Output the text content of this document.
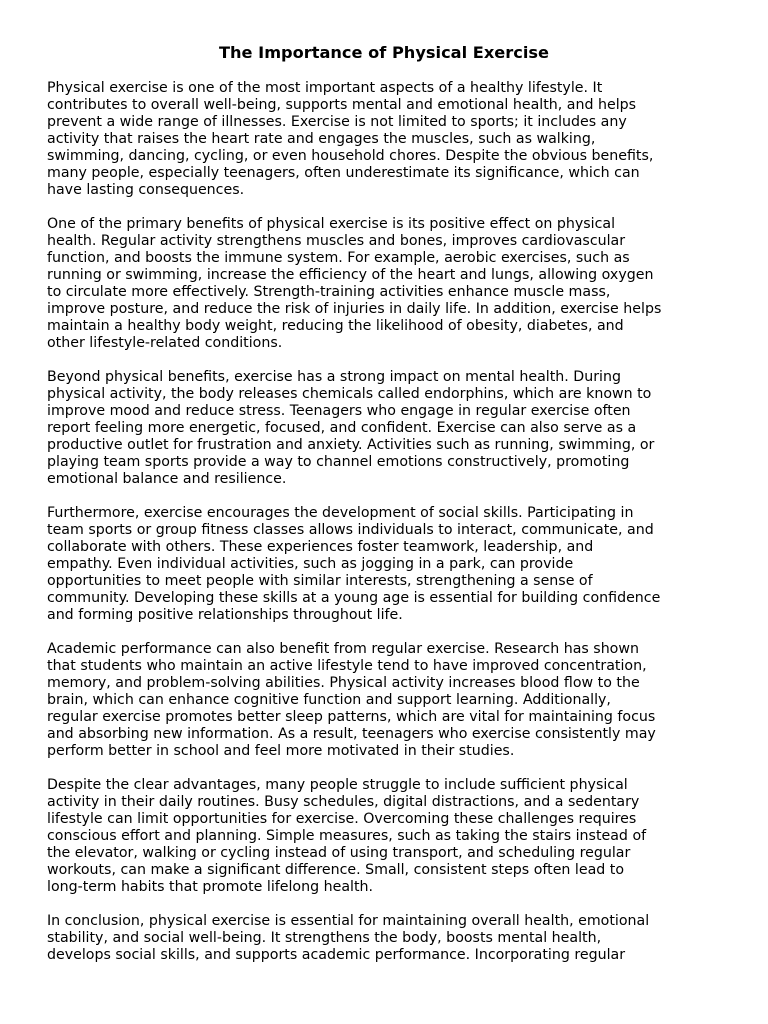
The Importance of Physical Exercise

Physical exercise is one of the most important aspects of a healthy lifestyle. It
contributes to overall well-being, supports mental and emotional health, and helps
prevent a wide range of illnesses. Exercise is not limited to sports; it includes any
activity that raises the heart rate and engages the muscles, such as walking,
swimming, dancing, cycling, or even household chores. Despite the obvious benefits,
many people, especially teenagers, often underestimate its significance, which can
have lasting consequences.

One of the primary benefits of physical exercise is its positive effect on physical
health. Regular activity strengthens muscles and bones, improves cardiovascular
function, and boosts the immune system. For example, aerobic exercises, such as
running or swimming, increase the efficiency of the heart and lungs, allowing oxygen
to circulate more effectively. Strength-training activities enhance muscle mass,
improve posture, and reduce the risk of injuries in daily life. In addition, exercise helps
maintain a healthy body weight, reducing the likelihood of obesity, diabetes, and
other lifestyle-related conditions.

Beyond physical benefits, exercise has a strong impact on mental health. During
physical activity, the body releases chemicals called endorphins, which are known to
improve mood and reduce stress. Teenagers who engage in regular exercise often
report feeling more energetic, focused, and confident. Exercise can also serve as a
productive outlet for frustration and anxiety. Activities such as running, swimming, or
playing team sports provide a way to channel emotions constructively, promoting
emotional balance and resilience.

Furthermore, exercise encourages the development of social skills. Participating in
team sports or group fitness classes allows individuals to interact, communicate, and
collaborate with others. These experiences foster teamwork, leadership, and
empathy. Even individual activities, such as jogging in a park, can provide
opportunities to meet people with similar interests, strengthening a sense of
community. Developing these skills at a young age is essential for building confidence
and forming positive relationships throughout life.

Academic performance can also benefit from regular exercise. Research has shown
that students who maintain an active lifestyle tend to have improved concentration,
memory, and problem-solving abilities. Physical activity increases blood flow to the
brain, which can enhance cognitive function and support learning. Additionally,
regular exercise promotes better sleep patterns, which are vital for maintaining focus
and absorbing new information. As a result, teenagers who exercise consistently may
perform better in school and feel more motivated in their studies.

Despite the clear advantages, many people struggle to include sufficient physical
activity in their daily routines. Busy schedules, digital distractions, and a sedentary
lifestyle can limit opportunities for exercise. Overcoming these challenges requires
conscious effort and planning. Simple measures, such as taking the stairs instead of
the elevator, walking or cycling instead of using transport, and scheduling regular
workouts, can make a significant difference. Small, consistent steps often lead to
long-term habits that promote lifelong health.

In conclusion, physical exercise is essential for maintaining overall health, emotional
stability, and social well-being. It strengthens the body, boosts mental health,
develops social skills, and supports academic performance. Incorporating regular
